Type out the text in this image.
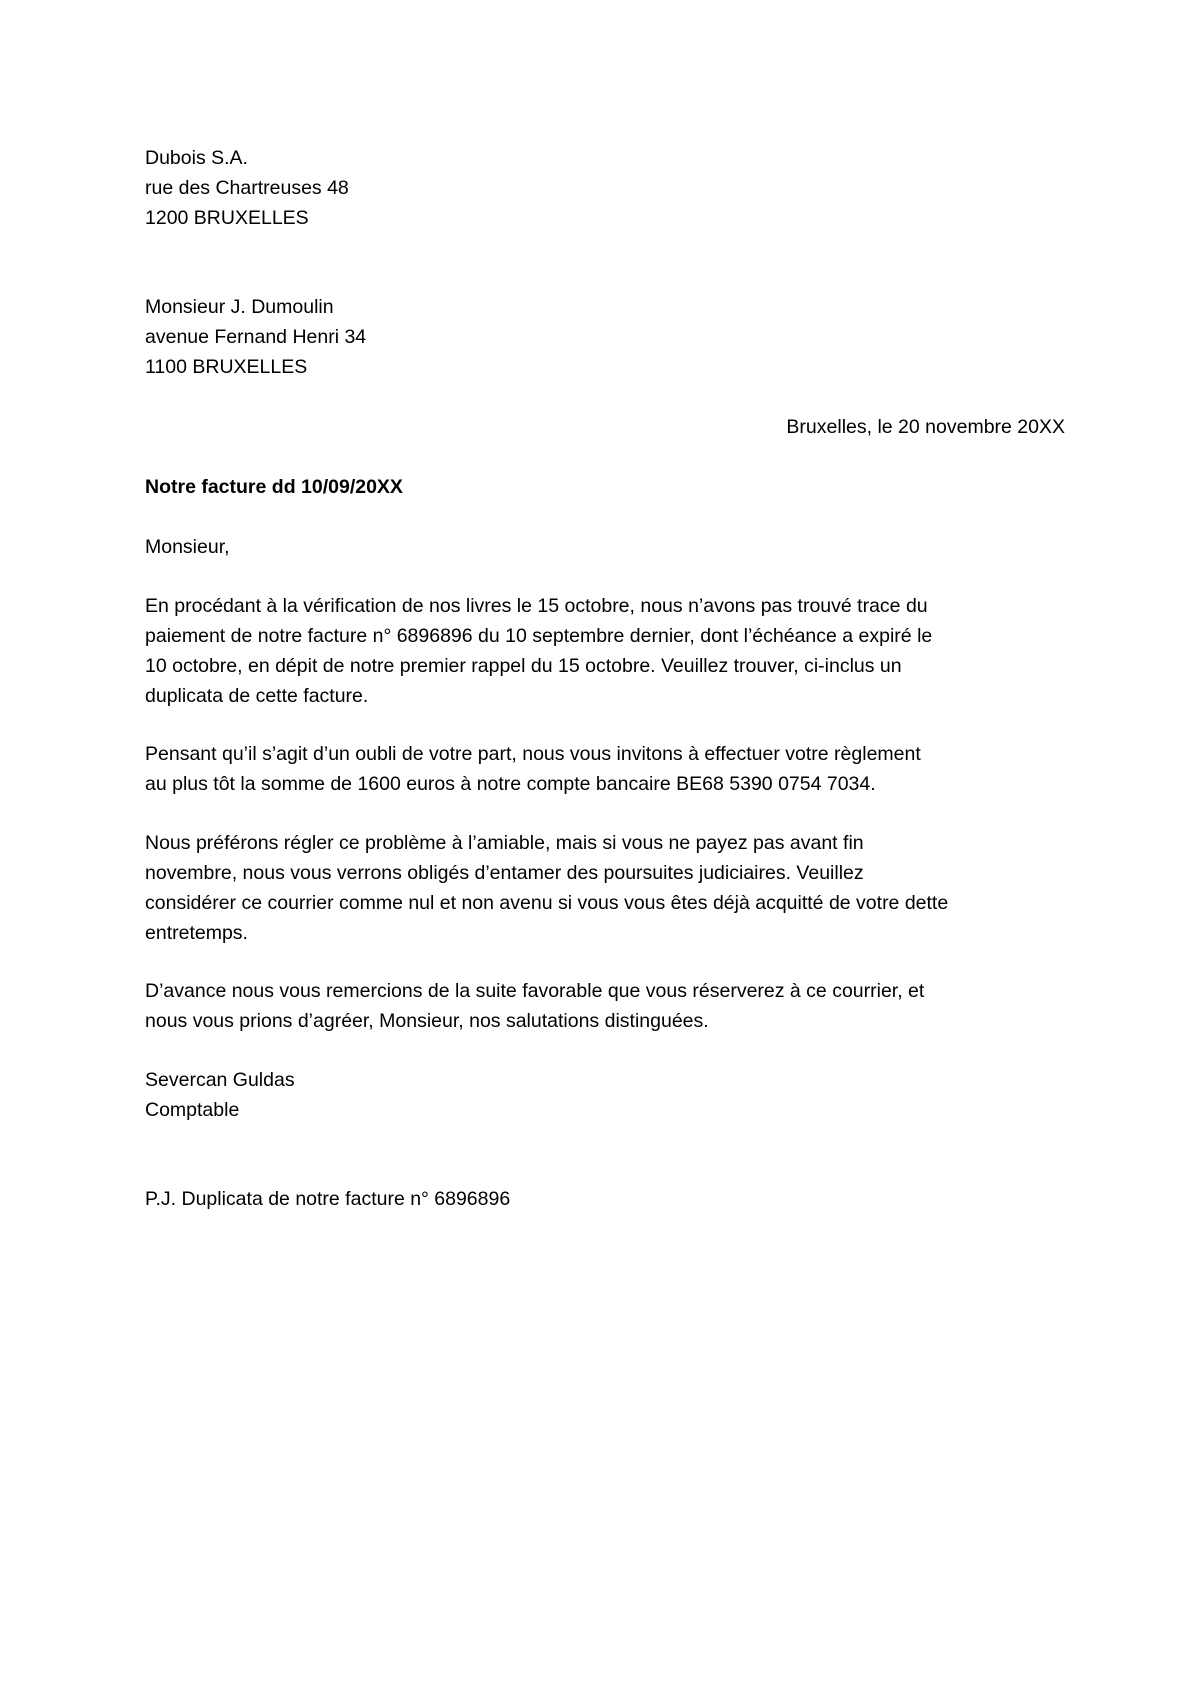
Dubois S.A.
rue des Chartreuses 48
1200 BRUXELLES
Monsieur J. Dumoulin
avenue Fernand Henri 34
1100 BRUXELLES
Bruxelles, le 20 novembre 20XX
Notre facture dd 10/09/20XX
Monsieur,
En procédant à la vérification de nos livres le 15 octobre, nous n’avons pas trouvé trace du
paiement de notre facture n° 6896896 du 10 septembre dernier, dont l’échéance a expiré le
10 octobre, en dépit de notre premier rappel du 15 octobre. Veuillez trouver, ci-inclus un
duplicata de cette facture.
Pensant qu’il s’agit d’un oubli de votre part, nous vous invitons à effectuer votre règlement
au plus tôt la somme de 1600 euros à notre compte bancaire BE68 5390 0754 7034.
Nous préférons régler ce problème à l’amiable, mais si vous ne payez pas avant fin
novembre, nous vous verrons obligés d’entamer des poursuites judiciaires. Veuillez
considérer ce courrier comme nul et non avenu si vous vous êtes déjà acquitté de votre dette
entretemps.
D’avance nous vous remercions de la suite favorable que vous réserverez à ce courrier, et
nous vous prions d’agréer, Monsieur, nos salutations distinguées.
Severcan Guldas
Comptable
P.J. Duplicata de notre facture n° 6896896
